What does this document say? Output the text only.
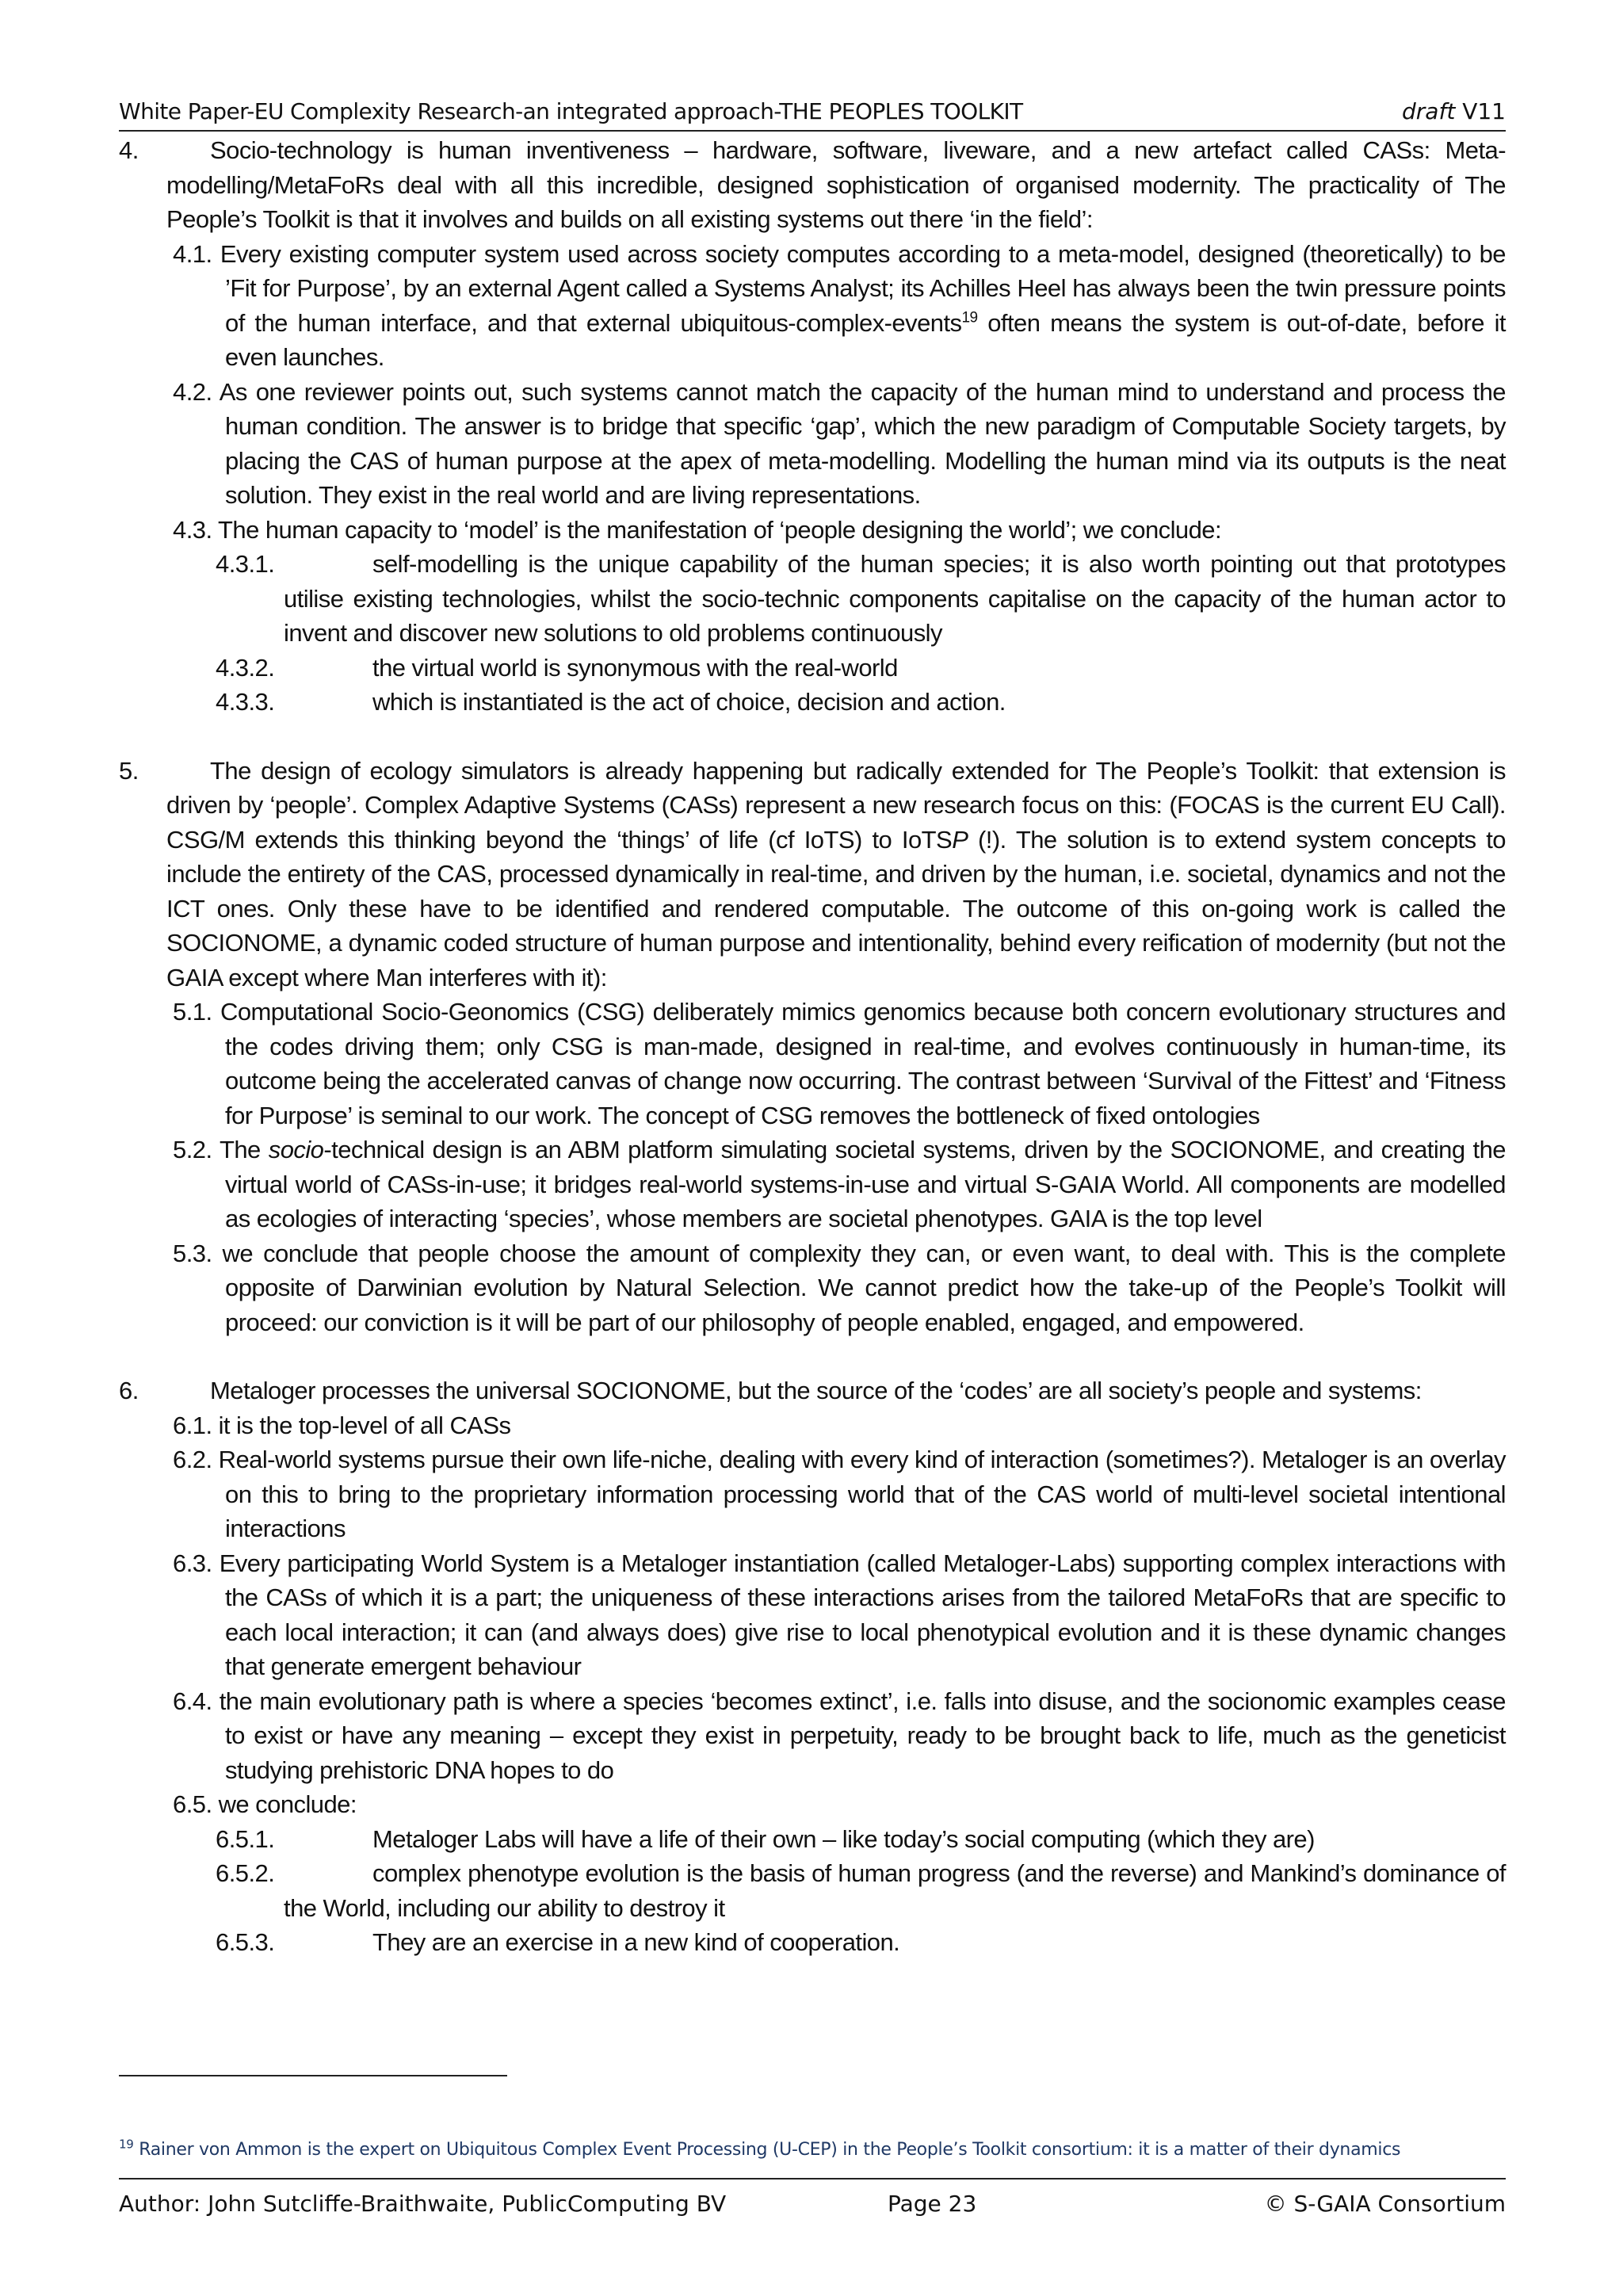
White Paper-EU Complexity Research-an integrated approach-THE PEOPLES TOOLKIT	draft V11
4.	Socio-technology is human inventiveness – hardware, software, liveware, and a new artefact called CASs: Meta-modelling/MetaFoRs deal with all this incredible, designed sophistication of organised modernity. The practicality of The People’s Toolkit is that it involves and builds on all existing systems out there ‘in the field’:
4.1. Every existing computer system used across society computes according to a meta-model, designed (theoretically) to be ’Fit for Purpose’, by an external Agent called a Systems Analyst; its Achilles Heel has always been the twin pressure points of the human interface, and that external ubiquitous-complex-events$^{19}$ often means the system is out-of-date, before it even launches.
4.2. As one reviewer points out, such systems cannot match the capacity of the human mind to understand and process the human condition. The answer is to bridge that specific ‘gap’, which the new paradigm of Computable Society targets, by placing the CAS of human purpose at the apex of meta-modelling. Modelling the human mind via its outputs is the neat solution. They exist in the real world and are living representations.
4.3. The human capacity to ‘model’ is the manifestation of ‘people designing the world’; we conclude:
4.3.1.	self-modelling is the unique capability of the human species; it is also worth pointing out that prototypes utilise existing technologies, whilst the socio-technic components capitalise on the capacity of the human actor to invent and discover new solutions to old problems continuously
4.3.2.	the virtual world is synonymous with the real-world
4.3.3.	which is instantiated is the act of choice, decision and action.
5.	The design of ecology simulators is already happening but radically extended for The People’s Toolkit: that extension is driven by ‘people’. Complex Adaptive Systems (CASs) represent a new research focus on this: (FOCAS is the current EU Call). CSG/M extends this thinking beyond the ‘things’ of life (cf IoTS) to IoTSP (!). The solution is to extend system concepts to include the entirety of the CAS, processed dynamically in real-time, and driven by the human, i.e. societal, dynamics and not the ICT ones. Only these have to be identified and rendered computable. The outcome of this on-going work is called the SOCIONOME, a dynamic coded structure of human purpose and intentionality, behind every reification of modernity (but not the GAIA except where Man interferes with it):
5.1. Computational Socio-Geonomics (CSG) deliberately mimics genomics because both concern evolutionary structures and the codes driving them; only CSG is man-made, designed in real-time, and evolves continuously in human-time, its outcome being the accelerated canvas of change now occurring. The contrast between ‘Survival of the Fittest’ and ‘Fitness for Purpose’ is seminal to our work. The concept of CSG removes the bottleneck of fixed ontologies
5.2. The socio-technical design is an ABM platform simulating societal systems, driven by the SOCIONOME, and creating the virtual world of CASs-in-use; it bridges real-world systems-in-use and virtual S-GAIA World. All components are modelled as ecologies of interacting ‘species’, whose members are societal phenotypes. GAIA is the top level
5.3. we conclude that people choose the amount of complexity they can, or even want, to deal with. This is the complete opposite of Darwinian evolution by Natural Selection. We cannot predict how the take-up of the People’s Toolkit will proceed: our conviction is it will be part of our philosophy of people enabled, engaged, and empowered.
6.	Metaloger processes the universal SOCIONOME, but the source of the ‘codes’ are all society’s people and systems:
6.1. it is the top-level of all CASs
6.2. Real-world systems pursue their own life-niche, dealing with every kind of interaction (sometimes?). Metaloger is an overlay on this to bring to the proprietary information processing world that of the CAS world of multi-level societal intentional interactions
6.3. Every participating World System is a Metaloger instantiation (called Metaloger-Labs) supporting complex interactions with the CASs of which it is a part; the uniqueness of these interactions arises from the tailored MetaFoRs that are specific to each local interaction; it can (and always does) give rise to local phenotypical evolution and it is these dynamic changes that generate emergent behaviour
6.4. the main evolutionary path is where a species ‘becomes extinct’, i.e. falls into disuse, and the socionomic examples cease to exist or have any meaning – except they exist in perpetuity, ready to be brought back to life, much as the geneticist studying prehistoric DNA hopes to do
6.5. we conclude:
6.5.1.	Metaloger Labs will have a life of their own – like today’s social computing (which they are)
6.5.2.	complex phenotype evolution is the basis of human progress (and the reverse) and Mankind’s dominance of the World, including our ability to destroy it
6.5.3.	They are an exercise in a new kind of cooperation.
$^{19}$ Rainer von Ammon is the expert on Ubiquitous Complex Event Processing (U-CEP) in the People’s Toolkit consortium: it is a matter of their dynamics
Author: John Sutcliffe-Braithwaite, PublicComputing BV	Page 23	© S-GAIA Consortium
